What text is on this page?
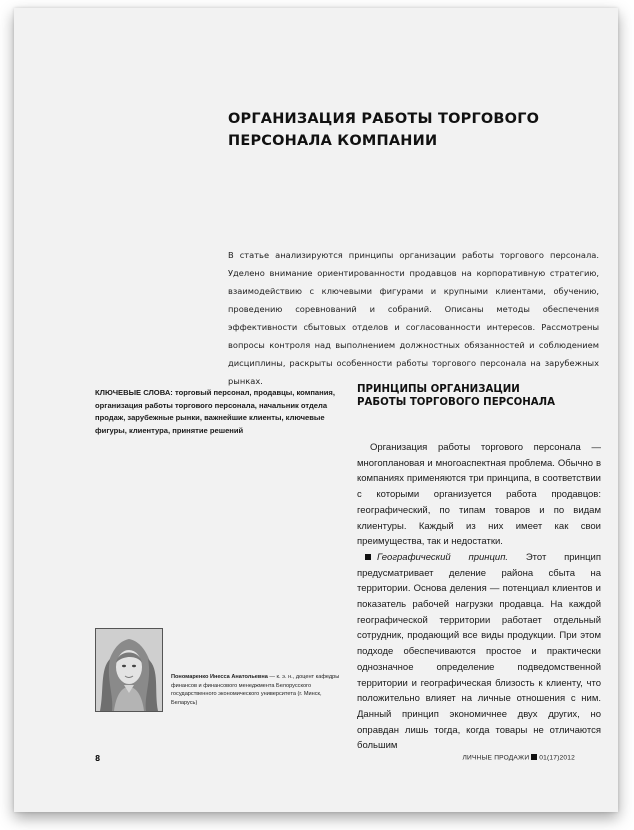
ОРГАНИЗАЦИЯ РАБОТЫ ТОРГОВОГО ПЕРСОНАЛА КОМПАНИИ

В статье анализируются принципы организации работы торгового персонала. Уделено внимание ориентированности продавцов на корпоративную стратегию, взаимодействию с ключевыми фигурами и крупными клиентами, обучению, проведению соревнований и собраний. Описаны методы обеспечения эффективности сбытовых отделов и согласованности интересов. Рассмотрены вопросы контроля над выполнением должностных обязанностей и соблюдением дисциплины, раскрыты особенности работы торгового персонала на зарубежных рынках.

КЛЮЧЕВЫЕ СЛОВА: торговый персонал, продавцы, компания, организация работы торгового персонала, начальник отдела продаж, зарубежные рынки, важнейшие клиенты, ключевые фигуры, клиентура, принятие решений

ПРИНЦИПЫ ОРГАНИЗАЦИИ РАБОТЫ ТОРГОВОГО ПЕРСОНАЛА

Организация работы торгового персонала — многоплановая и многоаспектная проблема. Обычно в компаниях применяются три принципа, в соответствии с которыми организуется работа продавцов: географический, по типам товаров и по видам клиентуры. Каждый из них имеет как свои преимущества, так и недостатки.

Географический принцип. Этот принцип предусматривает деление района сбыта на территории. Основа деления — потенциал клиентов и показатель рабочей нагрузки продавца. На каждой географической территории работает отдельный сотрудник, продающий все виды продукции. При этом подходе обеспечиваются простое и практически однозначное определение подведомственной территории и географическая близость к клиенту, что положительно влияет на личные отношения с ним. Данный принцип экономичнее двух других, но оправдан лишь тогда, когда товары не отличаются большим

Пономаренко Инесса Анатольевна — к. э. н., доцент кафедры финансов и финансового менеджмента Белорусского государственного экономического университета (г. Минск, Беларусь)

8	ЛИЧНЫЕ ПРОДАЖИ 01(17)2012
